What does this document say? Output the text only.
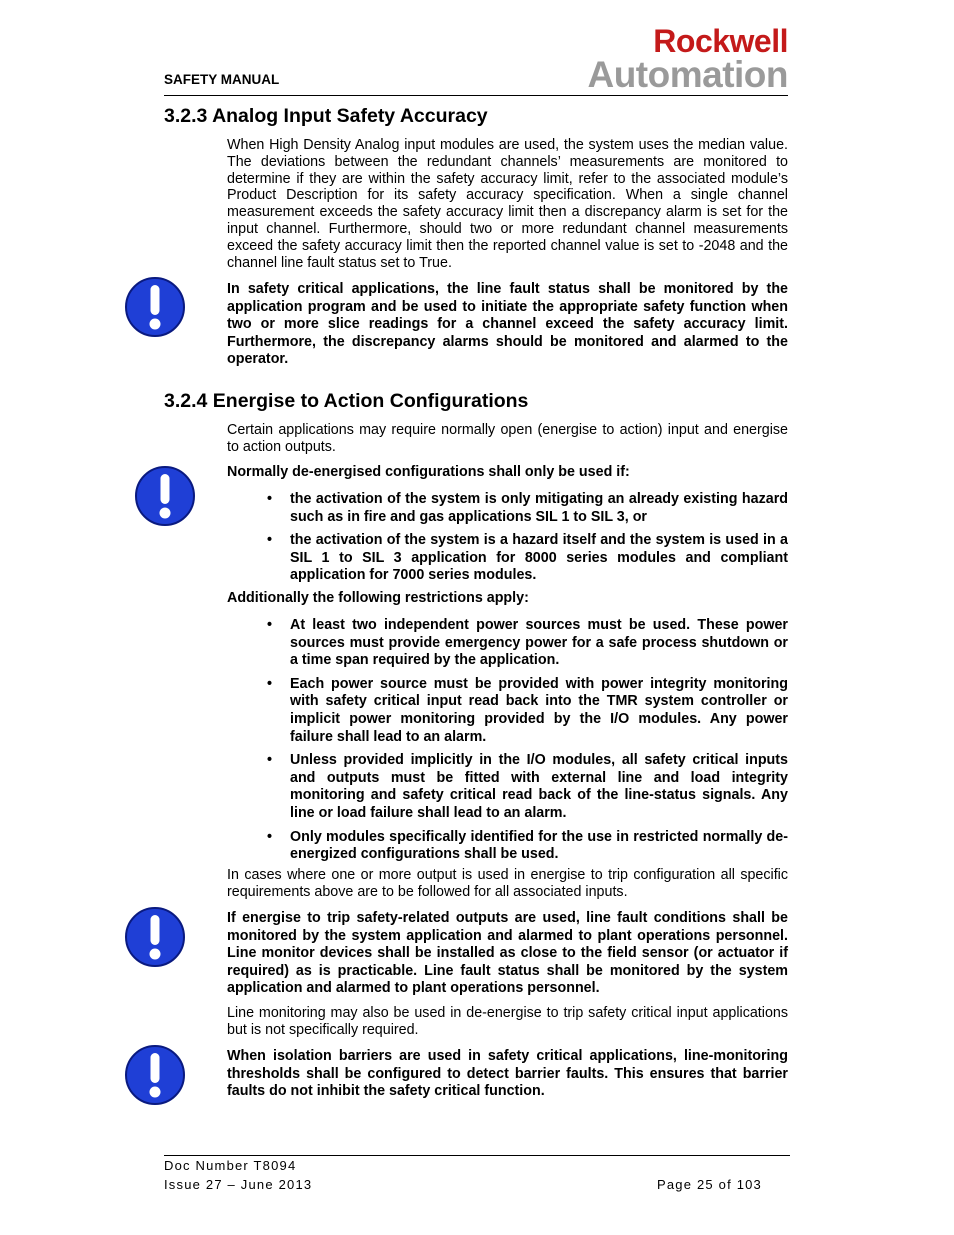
SAFETY MANUAL
Rockwell
Automation
3.2.3 Analog Input Safety Accuracy
When High Density Analog input modules are used, the system uses the median value. The deviations between the redundant channels’ measurements are monitored to determine if they are within the safety accuracy limit, refer to the associated module’s Product Description for its safety accuracy specification. When a single channel measurement exceeds the safety accuracy limit then a discrepancy alarm is set for the input channel. Furthermore, should two or more redundant channel measurements exceed the safety accuracy limit then the reported channel value is set to -2048 and the channel line fault status set to True.
In safety critical applications, the line fault status shall be monitored by the application program and be used to initiate the appropriate safety function when two or more slice readings for a channel exceed the safety accuracy limit. Furthermore, the discrepancy alarms should be monitored and alarmed to the operator.
3.2.4 Energise to Action Configurations
Certain applications may require normally open (energise to action) input and energise to action outputs.
Normally de-energised configurations shall only be used if:
• the activation of the system is only mitigating an already existing hazard such as in fire and gas applications SIL 1 to SIL 3, or
• the activation of the system is a hazard itself and the system is used in a SIL 1 to SIL 3 application for 8000 series modules and compliant application for 7000 series modules.
Additionally the following restrictions apply:
• At least two independent power sources must be used. These power sources must provide emergency power for a safe process shutdown or a time span required by the application.
• Each power source must be provided with power integrity monitoring with safety critical input read back into the TMR system controller or implicit power monitoring provided by the I/O modules. Any power failure shall lead to an alarm.
• Unless provided implicitly in the I/O modules, all safety critical inputs and outputs must be fitted with external line and load integrity monitoring and safety critical read back of the line-status signals. Any line or load failure shall lead to an alarm.
• Only modules specifically identified for the use in restricted normally de-energized configurations shall be used.
In cases where one or more output is used in energise to trip configuration all specific requirements above are to be followed for all associated inputs.
If energise to trip safety-related outputs are used, line fault conditions shall be monitored by the system application and alarmed to plant operations personnel. Line monitor devices shall be installed as close to the field sensor (or actuator if required) as is practicable. Line fault status shall be monitored by the system application and alarmed to plant operations personnel.
Line monitoring may also be used in de-energise to trip safety critical input applications but is not specifically required.
When isolation barriers are used in safety critical applications, line-monitoring thresholds shall be configured to detect barrier faults. This ensures that barrier faults do not inhibit the safety critical function.
Doc Number T8094
Issue 27 – June 2013	Page 25 of 103
